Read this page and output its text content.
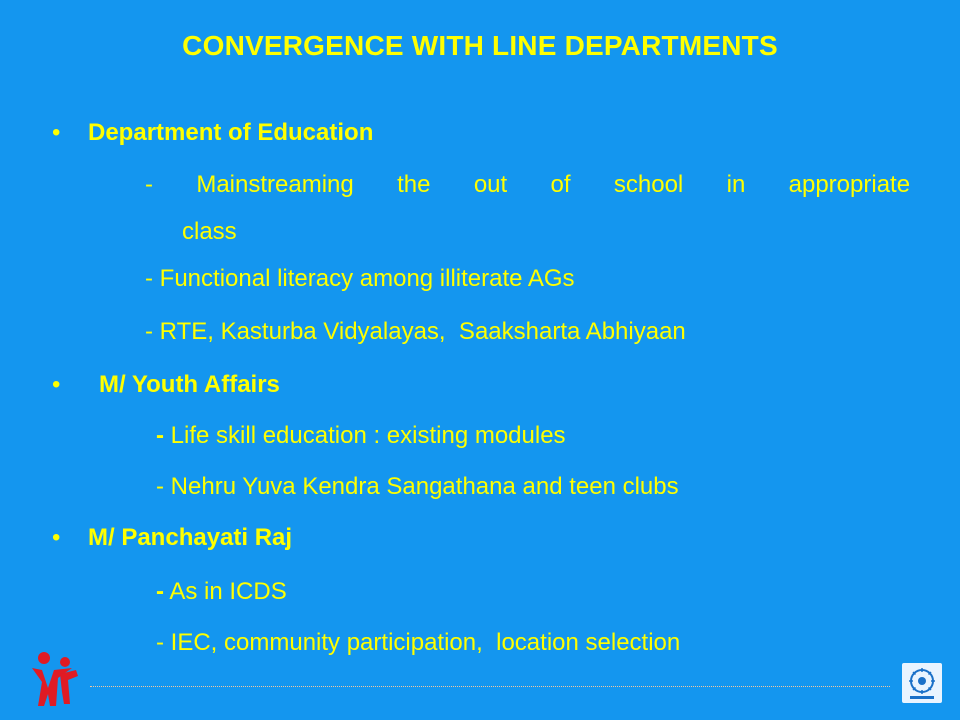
CONVERGENCE WITH LINE DEPARTMENTS
• Department of Education
- Mainstreaming the out of school in appropriate
class
- Functional literacy among illiterate AGs
- RTE, Kasturba Vidyalayas,  Saaksharta Abhiyaan
• M/ Youth Affairs
- Life skill education : existing modules
- Nehru Yuva Kendra Sangathana and teen clubs
• M/ Panchayati Raj
- As in ICDS
- IEC, community participation,  location selection
